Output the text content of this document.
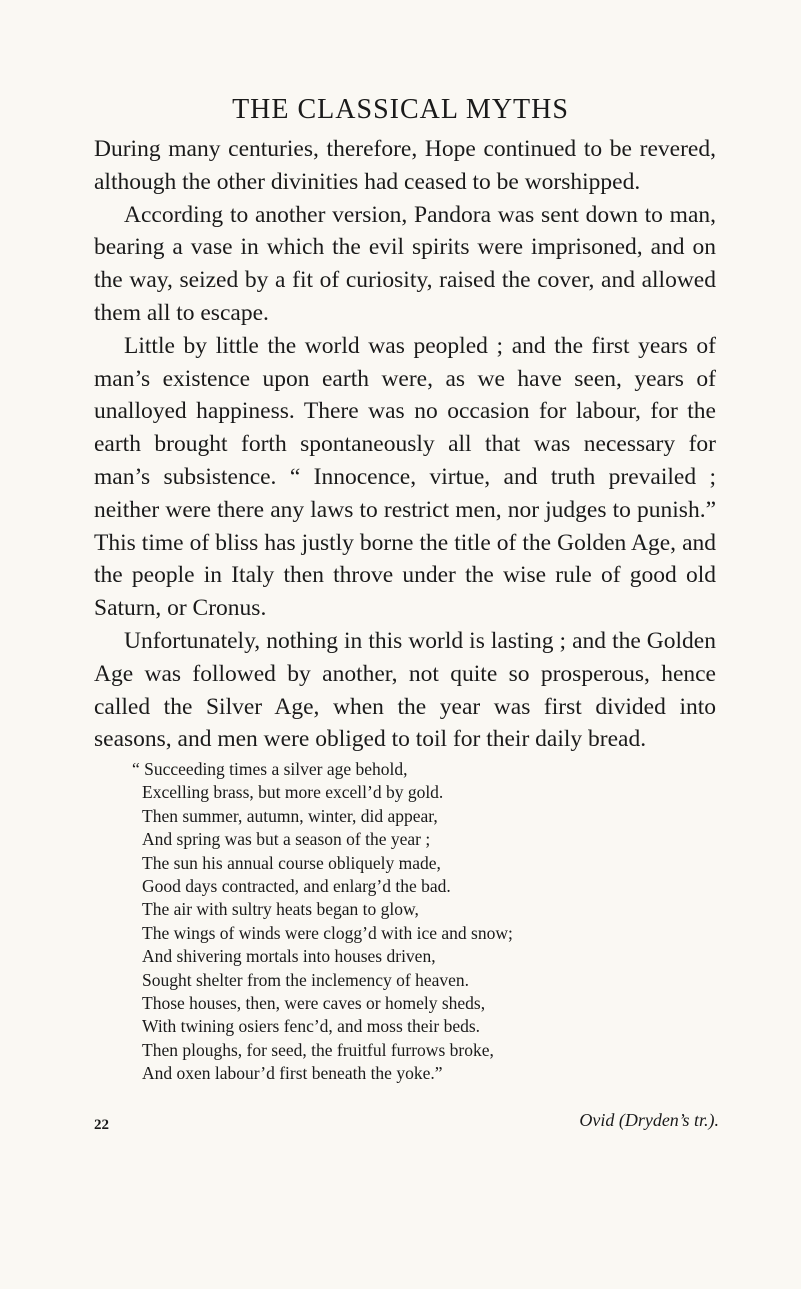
THE CLASSICAL MYTHS

During many centuries, therefore, Hope continued to be revered, although the other divinities had ceased to be worshipped.

According to another version, Pandora was sent down to man, bearing a vase in which the evil spirits were imprisoned, and on the way, seized by a fit of curiosity, raised the cover, and allowed them all to escape.

Little by little the world was peopled ; and the first years of man’s existence upon earth were, as we have seen, years of unalloyed happiness. There was no occasion for labour, for the earth brought forth spontaneously all that was necessary for man’s subsistence. “ Innocence, virtue, and truth prevailed ; neither were there any laws to restrict men, nor judges to punish.” This time of bliss has justly borne the title of the Golden Age, and the people in Italy then throve under the wise rule of good old Saturn, or Cronus.

Unfortunately, nothing in this world is lasting ; and the Golden Age was followed by another, not quite so prosperous, hence called the Silver Age, when the year was first divided into seasons, and men were obliged to toil for their daily bread.

“ Succeeding times a silver age behold,
Excelling brass, but more excell’d by gold.
Then summer, autumn, winter, did appear,
And spring was but a season of the year ;
The sun his annual course obliquely made,
Good days contracted, and enlarg’d the bad.
The air with sultry heats began to glow,
The wings of winds were clogg’d with ice and snow;
And shivering mortals into houses driven,
Sought shelter from the inclemency of heaven.
Those houses, then, were caves or homely sheds,
With twining osiers fenc’d, and moss their beds.
Then ploughs, for seed, the fruitful furrows broke,
And oxen labour’d first beneath the yoke.”
Ovid (Dryden’s tr.).
22
